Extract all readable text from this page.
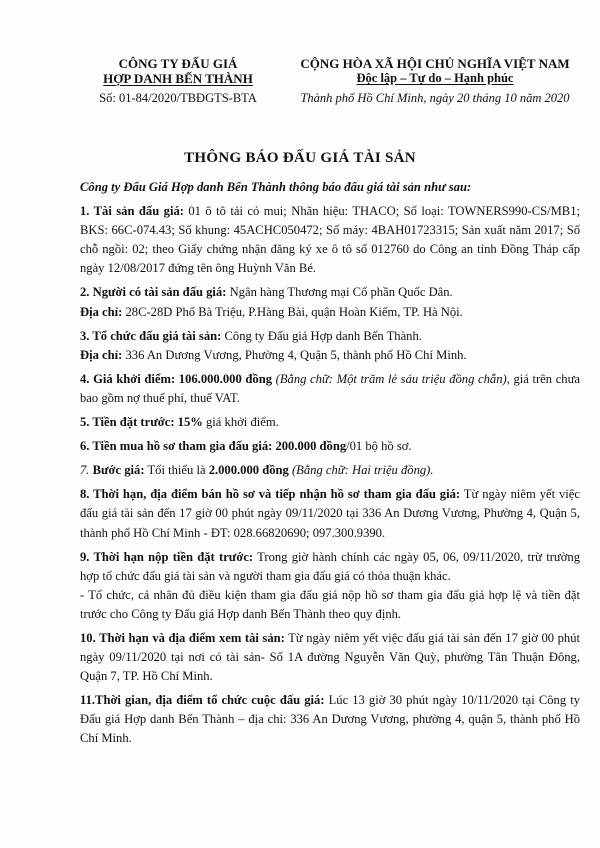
CÔNG TY ĐẤU GIÁ
HỢP DANH BẾN THÀNH
Số: 01-84/2020/TBĐGTS-BTA
CỘNG HÒA XÃ HỘI CHỦ NGHĨA VIỆT NAM
Độc lập – Tự do – Hạnh phúc
Thành phố Hồ Chí Minh, ngày 20 tháng 10 năm 2020
THÔNG BÁO ĐẤU GIÁ TÀI SẢN

Công ty Đấu Giá Hợp danh Bến Thành thông báo đấu giá tài sản như sau:

1. Tài sản đấu giá: 01 ô tô tải có mui; Nhãn hiệu: THACO; Số loại: TOWNERS990-CS/MB1; BKS: 66C-074.43; Số khung: 45ACHC050472; Số máy: 4BAH01723315; Sản xuất năm 2017; Số chỗ ngồi: 02; theo Giấy chứng nhận đăng ký xe ô tô số 012760 do Công an tỉnh Đồng Tháp cấp ngày 12/08/2017 đứng tên ông Huỳnh Văn Bé.

2. Người có tài sản đấu giá: Ngân hàng Thương mại Cổ phần Quốc Dân.
Địa chỉ: 28C-28D Phố Bà Triệu, P.Hàng Bài, quận Hoàn Kiếm, TP. Hà Nội.

3. Tổ chức đấu giá tài sản: Công ty Đấu giá Hợp danh Bến Thành.
Địa chỉ: 336 An Dương Vương, Phường 4, Quận 5, thành phố Hồ Chí Minh.

4. Giá khởi điểm: 106.000.000 đồng (Bằng chữ: Một trăm lẻ sáu triệu đồng chẵn), giá trên chưa bao gồm nợ thuế phí, thuế VAT.

5. Tiền đặt trước: 15% giá khởi điểm.

6. Tiền mua hồ sơ tham gia đấu giá: 200.000 đồng/01 bộ hồ sơ.

7. Bước giá: Tối thiểu là 2.000.000 đồng (Bằng chữ: Hai triệu đồng).

8. Thời hạn, địa điểm bán hồ sơ và tiếp nhận hồ sơ tham gia đấu giá: Từ ngày niêm yết việc đấu giá tài sản đến 17 giờ 00 phút ngày 09/11/2020 tại 336 An Dương Vương, Phường 4, Quận 5, thành phố Hồ Chí Minh - ĐT: 028.66820690; 097.300.9390.

9. Thời hạn nộp tiền đặt trước: Trong giờ hành chính các ngày 05, 06, 09/11/2020, trừ trường hợp tổ chức đấu giá tài sản và người tham gia đấu giá có thỏa thuận khác.
- Tổ chức, cá nhân đủ điều kiện tham gia đấu giá nộp hồ sơ tham gia đấu giá hợp lệ và tiền đặt trước cho Công ty Đấu giá Hợp danh Bến Thành theo quy định.

10. Thời hạn và địa điểm xem tài sản: Từ ngày niêm yết việc đấu giá tài sản đến 17 giờ 00 phút ngày 09/11/2020 tại nơi có tài sản- Số 1A đường Nguyễn Văn Quỳ, phường Tân Thuận Đông, Quận 7, TP. Hồ Chí Minh.

11.Thời gian, địa điểm tổ chức cuộc đấu giá: Lúc 13 giờ 30 phút ngày 10/11/2020 tại Công ty Đấu giá Hợp danh Bến Thành – địa chỉ: 336 An Dương Vương, phường 4, quận 5, thành phố Hồ Chí Minh.
